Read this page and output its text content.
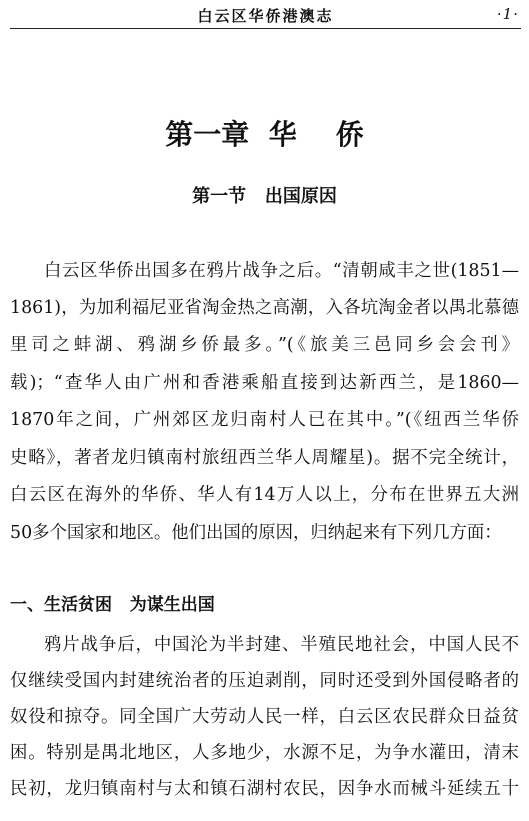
白云区华侨港澳志	·1·
第一章  华    侨
第一节   出国原因
白云区华侨出国多在鸦片战争之后。“清朝咸丰之世(1851—
1861)，为加利福尼亚省淘金热之高潮，入各坑淘金者以禺北慕德
里司之蚌湖、鸦湖乡侨最多。”(《旅美三邑同乡会会刊》
载)；“查华人由广州和香港乘船直接到达新西兰，是1860—
1870年之间，广州郊区龙归南村人已在其中。”(《纽西兰华侨
史略》，著者龙归镇南村旅纽西兰华人周耀星)。据不完全统计，
白云区在海外的华侨、华人有14万人以上，分布在世界五大洲
50多个国家和地区。他们出国的原因，归纳起来有下列几方面：
一、生活贫困   为谋生出国
鸦片战争后，中国沦为半封建、半殖民地社会，中国人民不
仅继续受国内封建统治者的压迫剥削，同时还受到外国侵略者的
奴役和掠夺。同全国广大劳动人民一样，白云区农民群众日益贫
困。特别是禺北地区，人多地少，水源不足，为争水灌田，清末
民初，龙归镇南村与太和镇石湖村农民，因争水而械斗延续五十
